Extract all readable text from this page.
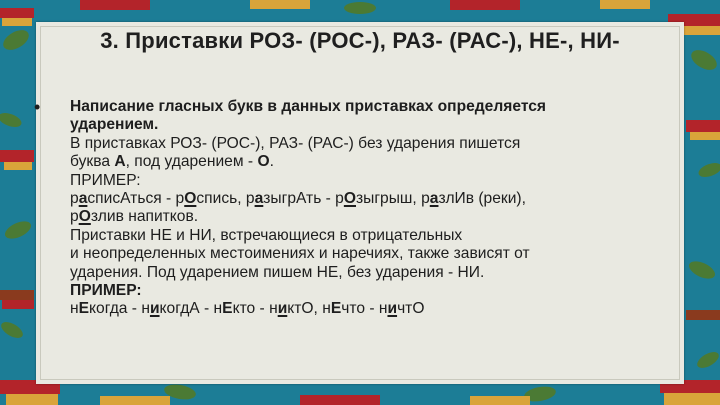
3. Приставки РОЗ- (РОС-), РАЗ- (РАС-), НЕ-, НИ-
•	Написание гласных букв в данных приставках определяется
ударением.
В приставках РОЗ- (РОС-), РАЗ- (РАС-) без ударения пишется
буква А, под ударением - О.
ПРИМЕР:
расписАться - рОспись, разыгрАть - рОзыгрыш, разлИв (реки),
рОзлив напитков.
Приставки НЕ и НИ, встречающиеся в отрицательных
и неопределенных местоимениях и наречиях, также зависят от
ударения. Под ударением пишем НЕ, без ударения - НИ.
ПРИМЕР:
нЕкогда - никогдА - нЕкто - никтО, нЕчто - ничтО
